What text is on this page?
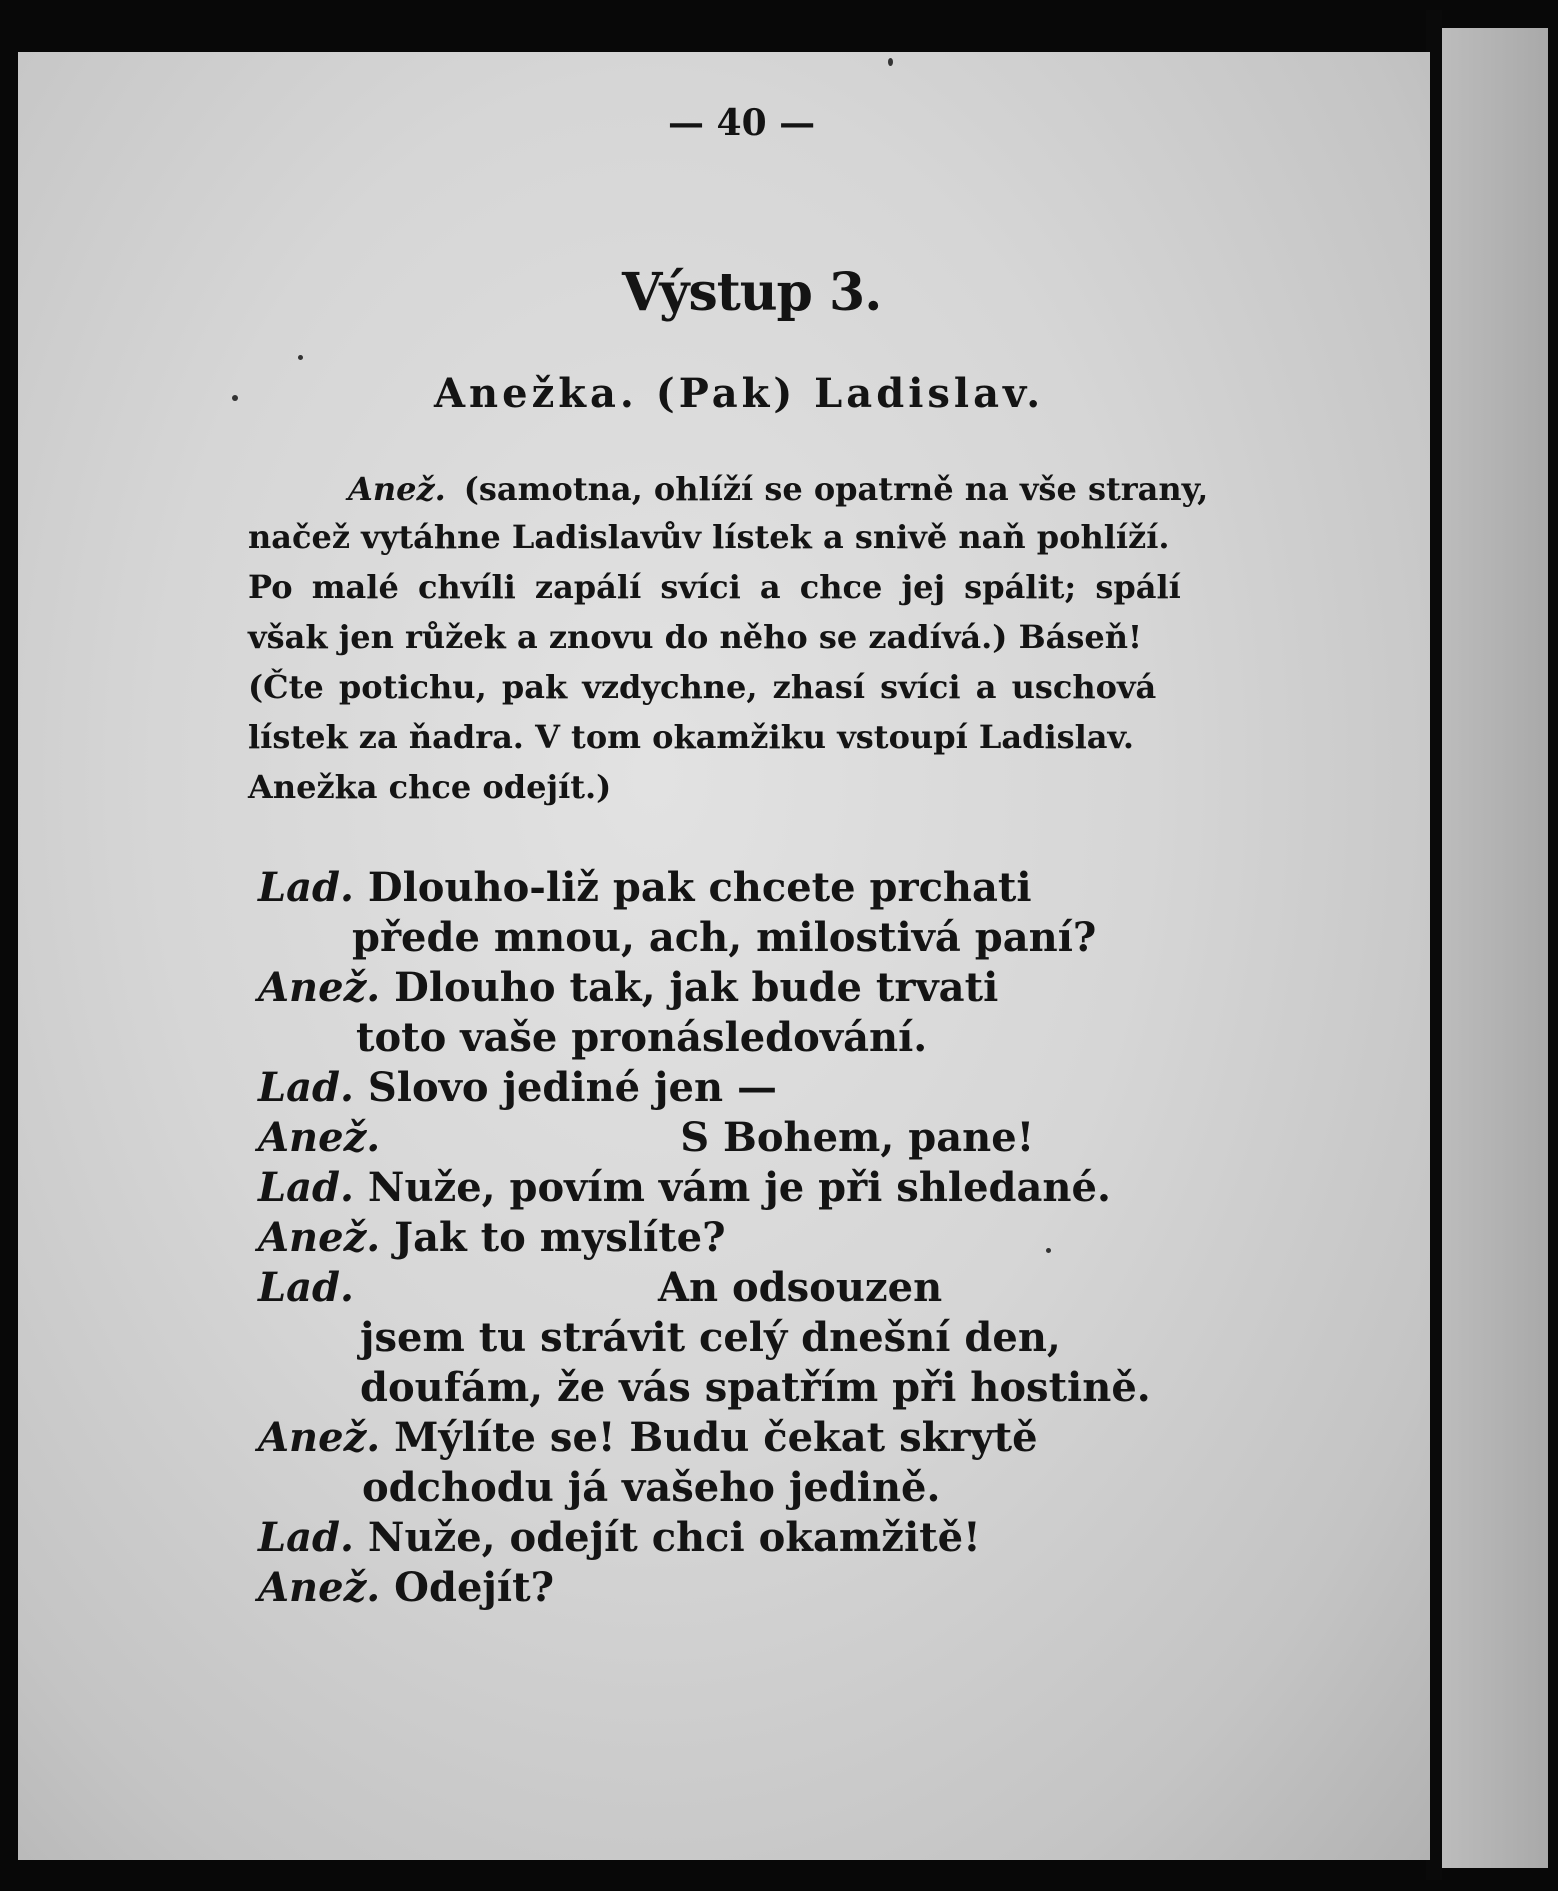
— 40 —
Výstup 3.
Anežka. (Pak) Ladislav.
Anež. (samotna, ohlíží se opatrně na vše strany,
načež vytáhne Ladislavův lístek a snivě naň pohlíží.
Po malé chvíli zapálí svíci a chce jej spálit; spálí
však jen růžek a znovu do něho se zadívá.) Báseň!
(Čte potichu, pak vzdychne, zhasí svíci a uschová
lístek za ňadra. V tom okamžiku vstoupí Ladislav.
Anežka chce odejít.)
Lad. Dlouho-liž pak chcete prchati
přede mnou, ach, milostivá paní?
Anež. Dlouho tak, jak bude trvati
toto vaše pronásledování.
Lad. Slovo jediné jen —
Anež.	S Bohem, pane!
Lad. Nuže, povím vám je při shledané.
Anež. Jak to myslíte?
Lad.	An odsouzen
jsem tu strávit celý dnešní den,
doufám, že vás spatřím při hostině.
Anež. Mýlíte se! Budu čekat skrytě
odchodu já vašeho jedině.
Lad. Nuže, odejít chci okamžitě!
Anež. Odejít?
